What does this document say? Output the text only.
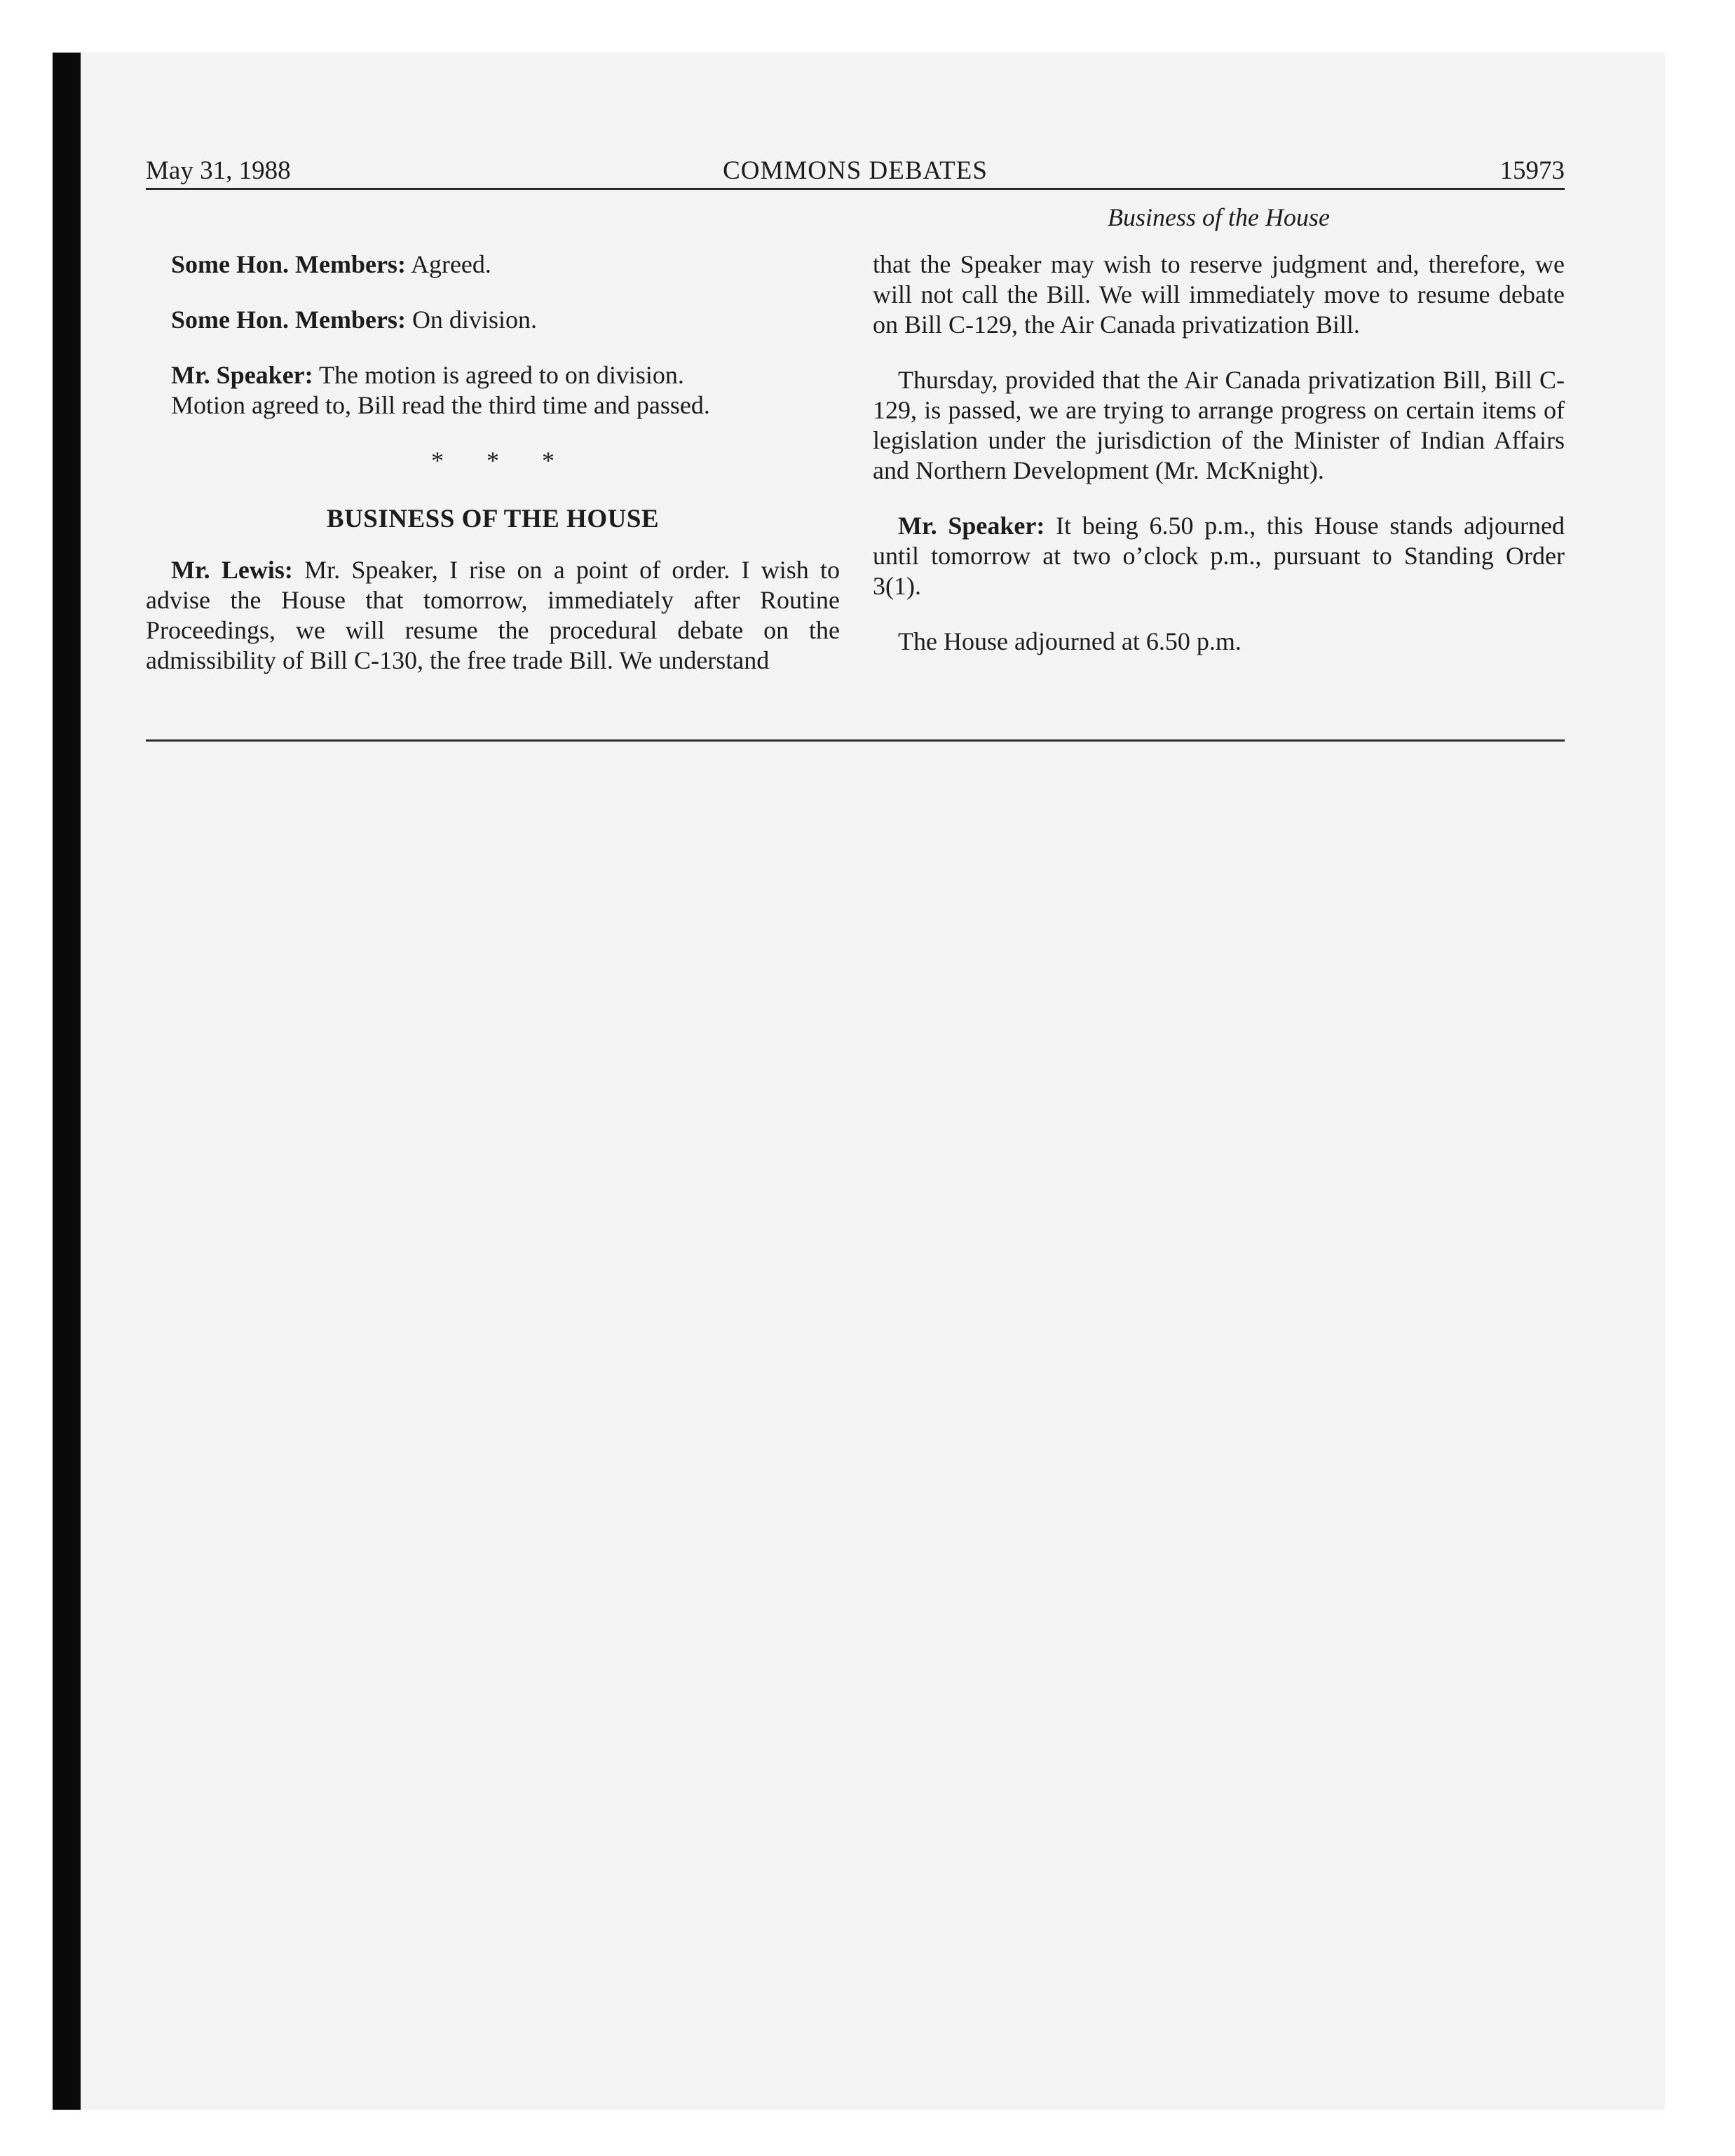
May 31, 1988	COMMONS DEBATES	15973
Business of the House

Some Hon. Members: Agreed.

Some Hon. Members: On division.

Mr. Speaker: The motion is agreed to on division.

Motion agreed to, Bill read the third time and passed.

* * *

BUSINESS OF THE HOUSE

Mr. Lewis: Mr. Speaker, I rise on a point of order. I wish to advise the House that tomorrow, immediately after Routine Proceedings, we will resume the procedural debate on the admissibility of Bill C-130, the free trade Bill. We understand

that the Speaker may wish to reserve judgment and, therefore, we will not call the Bill. We will immediately move to resume debate on Bill C-129, the Air Canada privatization Bill.

Thursday, provided that the Air Canada privatization Bill, Bill C-129, is passed, we are trying to arrange progress on certain items of legislation under the jurisdiction of the Minister of Indian Affairs and Northern Development (Mr. McKnight).

Mr. Speaker: It being 6.50 p.m., this House stands adjourned until tomorrow at two o’clock p.m., pursuant to Standing Order 3(1).

The House adjourned at 6.50 p.m.
